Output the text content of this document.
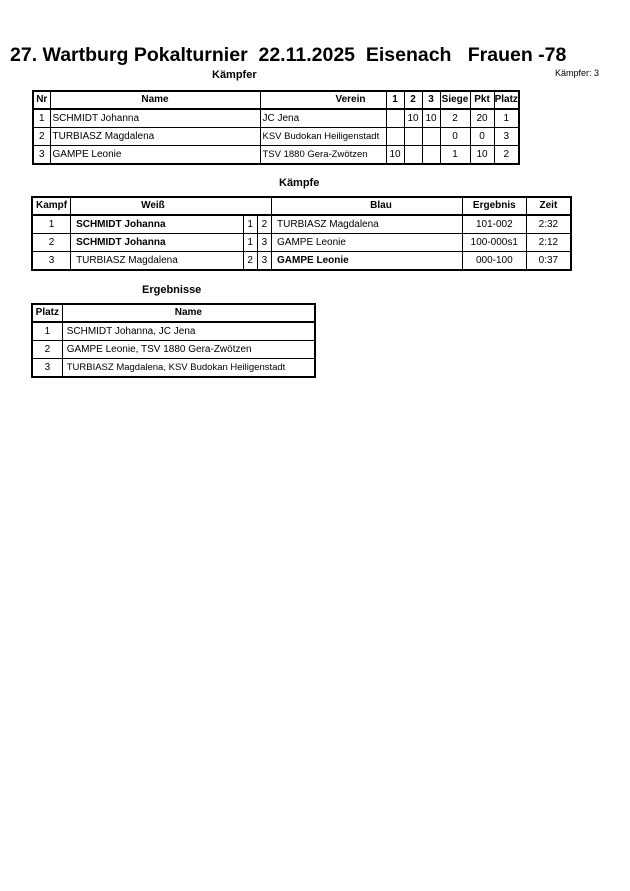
27. Wartburg Pokalturnier  22.11.2025  Eisenach   Frauen -78
Kämpfer: 3
Kämpfer
Nr	Name	Verein	1	2	3	Siege	Pkt	Platz
1	SCHMIDT Johanna	JC Jena		10	10	2	20	1
2	TURBIASZ Magdalena	KSV Budokan Heiligenstadt				0	0	3
3	GAMPE Leonie	TSV 1880 Gera-Zwötzen	10			1	10	2
Kämpfe
Kampf	Weiß			Blau	Ergebnis	Zeit
1	SCHMIDT Johanna	1	2	TURBIASZ Magdalena	101-002	2:32
2	SCHMIDT Johanna	1	3	GAMPE Leonie	100-000s1	2:12
3	TURBIASZ Magdalena	2	3	GAMPE Leonie	000-100	0:37
Ergebnisse
Platz	Name
1	SCHMIDT Johanna, JC Jena
2	GAMPE Leonie, TSV 1880 Gera-Zwötzen
3	TURBIASZ Magdalena, KSV Budokan Heiligenstadt
